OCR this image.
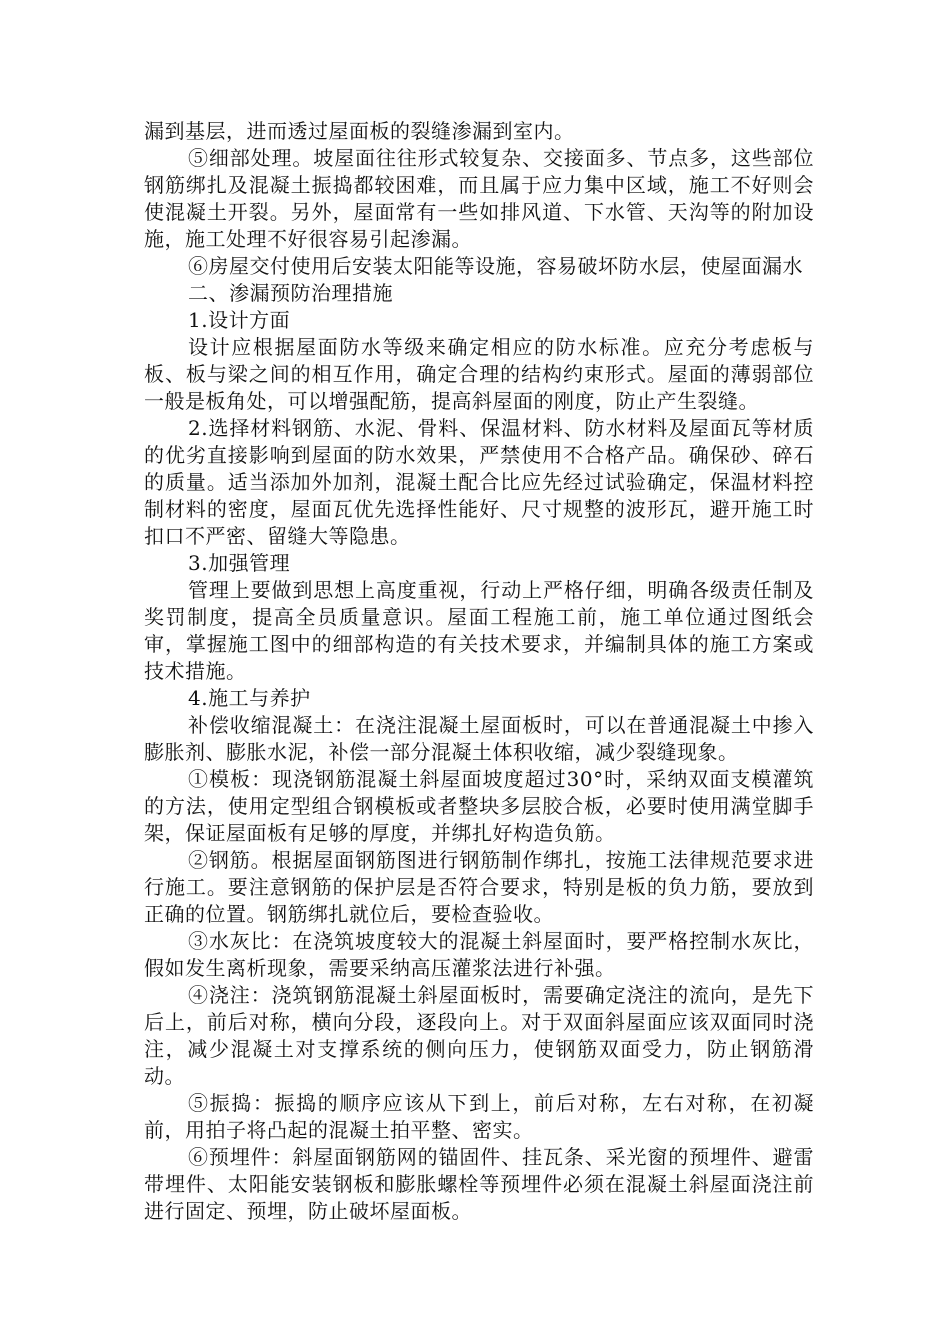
漏到基层，进而透过屋面板的裂缝渗漏到室内。

⑤细部处理。坡屋面往往形式较复杂、交接面多、节点多，这些部位钢筋绑扎及混凝土振捣都较困难，而且属于应力集中区域，施工不好则会使混凝土开裂。另外，屋面常有一些如排风道、下水管、天沟等的附加设施，施工处理不好很容易引起渗漏。

⑥房屋交付使用后安装太阳能等设施，容易破坏防水层，使屋面漏水

二、渗漏预防治理措施

1.设计方面

设计应根据屋面防水等级来确定相应的防水标准。应充分考虑板与板、板与梁之间的相互作用，确定合理的结构约束形式。屋面的薄弱部位一般是板角处，可以增强配筋，提高斜屋面的刚度，防止产生裂缝。

2.选择材料钢筋、水泥、骨料、保温材料、防水材料及屋面瓦等材质的优劣直接影响到屋面的防水效果，严禁使用不合格产品。确保砂、碎石的质量。适当添加外加剂，混凝土配合比应先经过试验确定，保温材料控制材料的密度，屋面瓦优先选择性能好、尺寸规整的波形瓦，避开施工时扣口不严密、留缝大等隐患。

3.加强管理

管理上要做到思想上高度重视，行动上严格仔细，明确各级责任制及奖罚制度，提高全员质量意识。屋面工程施工前，施工单位通过图纸会审，掌握施工图中的细部构造的有关技术要求，并编制具体的施工方案或技术措施。

4.施工与养护

补偿收缩混凝土：在浇注混凝土屋面板时，可以在普通混凝土中掺入膨胀剂、膨胀水泥，补偿一部分混凝土体积收缩，减少裂缝现象。

①模板：现浇钢筋混凝土斜屋面坡度超过30°时，采纳双面支模灌筑的方法，使用定型组合钢模板或者整块多层胶合板，必要时使用满堂脚手架，保证屋面板有足够的厚度，并绑扎好构造负筋。

②钢筋。根据屋面钢筋图进行钢筋制作绑扎，按施工法律规范要求进行施工。要注意钢筋的保护层是否符合要求，特别是板的负力筋，要放到正确的位置。钢筋绑扎就位后，要检查验收。

③水灰比：在浇筑坡度较大的混凝土斜屋面时，要严格控制水灰比，假如发生离析现象，需要采纳高压灌浆法进行补强。

④浇注：浇筑钢筋混凝土斜屋面板时，需要确定浇注的流向，是先下后上，前后对称，横向分段，逐段向上。对于双面斜屋面应该双面同时浇注，减少混凝土对支撑系统的侧向压力，使钢筋双面受力，防止钢筋滑动。

⑤振捣：振捣的顺序应该从下到上，前后对称，左右对称，在初凝前，用拍子将凸起的混凝土拍平整、密实。

⑥预埋件：斜屋面钢筋网的锚固件、挂瓦条、采光窗的预埋件、避雷带埋件、太阳能安装钢板和膨胀螺栓等预埋件必须在混凝土斜屋面浇注前进行固定、预埋，防止破坏屋面板。
